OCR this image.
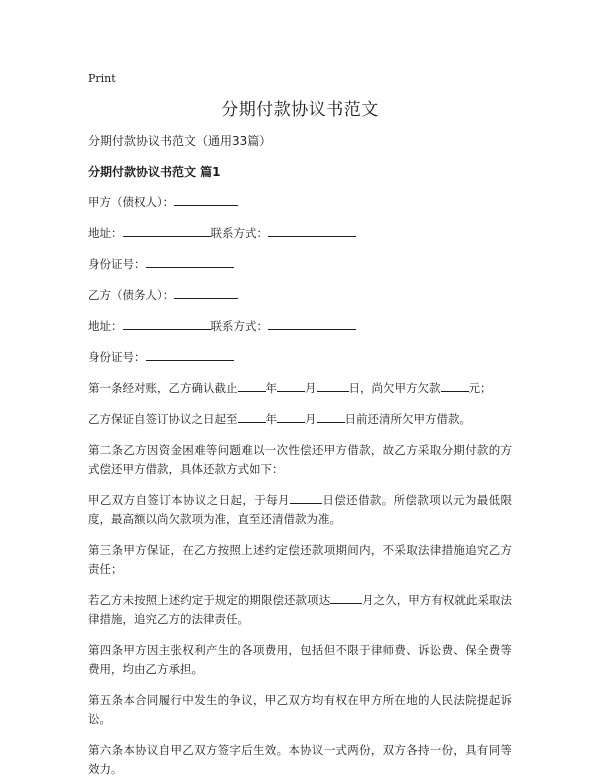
Print
分期付款协议书范文
分期付款协议书范文（通用33篇）
分期付款协议书范文 篇1
甲方（债权人）：
地址：	联系方式：
身份证号：
乙方（债务人）：
地址：	联系方式：
身份证号：
第一条经对账，乙方确认截止 年 月	日，尚欠甲方欠款 元；
乙方保证自签订协议之日起至 年 月 日前还清所欠甲方借款。
第二条乙方因资金困难等问题难以一次性偿还甲方借款，故乙方采取分期付款的方式偿还甲方借款，具体还款方式如下：
甲乙双方自签订本协议之日起，于每月	日偿还借款。所偿款项以元为最低限度，最高额以尚欠款项为准，直至还清借款为准。
第三条甲方保证，在乙方按照上述约定偿还款项期间内，不采取法律措施追究乙方责任；
若乙方未按照上述约定于规定的期限偿还款项达	月之久，甲方有权就此采取法律措施，追究乙方的法律责任。
第四条甲方因主张权利产生的各项费用，包括但不限于律师费、诉讼费、保全费等费用，均由乙方承担。
第五条本合同履行中发生的争议，甲乙双方均有权在甲方所在地的人民法院提起诉讼。
第六条本协议自甲乙双方签字后生效。本协议一式两份，双方各持一份，具有同等效力。
